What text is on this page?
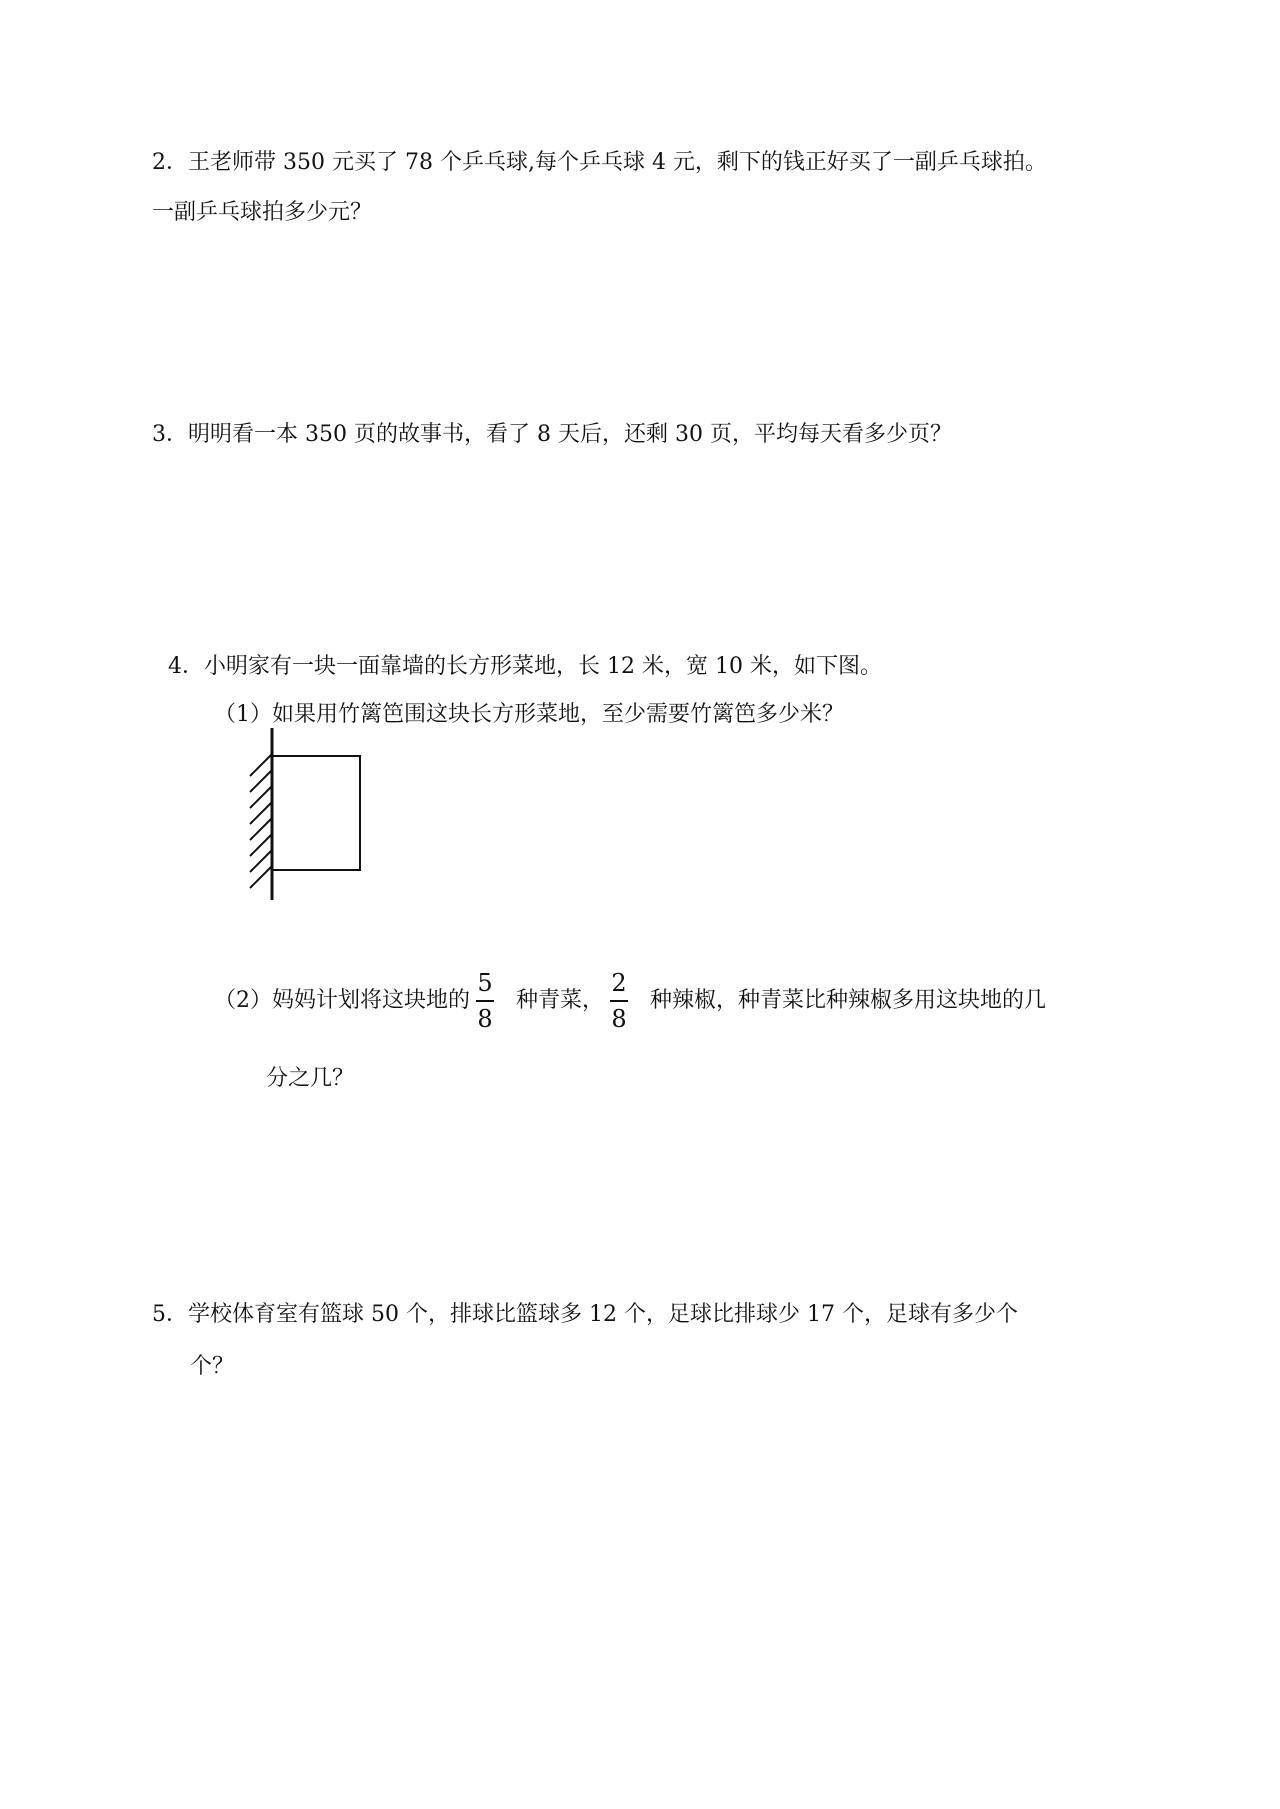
2．王老师带 350 元买了 78 个乒乓球,每个乒乓球 4 元，剩下的钱正好买了一副乒乓球拍。
一副乒乓球拍多少元？
3．明明看一本 350 页的故事书，看了 8 天后，还剩 30 页，平均每天看多少页？
4．小明家有一块一面靠墙的长方形菜地，长 12 米，宽 10 米，如下图。
（1）如果用竹篱笆围这块长方形菜地，至少需要竹篱笆多少米？
（2）妈妈计划将这块地的 $\frac{5}{8}$ 种青菜， $\frac{2}{8}$ 种辣椒，种青菜比种辣椒多用这块地的几
分之几？
5．学校体育室有篮球 50 个，排球比篮球多 12 个，足球比排球少 17 个，足球有多少个
个？
